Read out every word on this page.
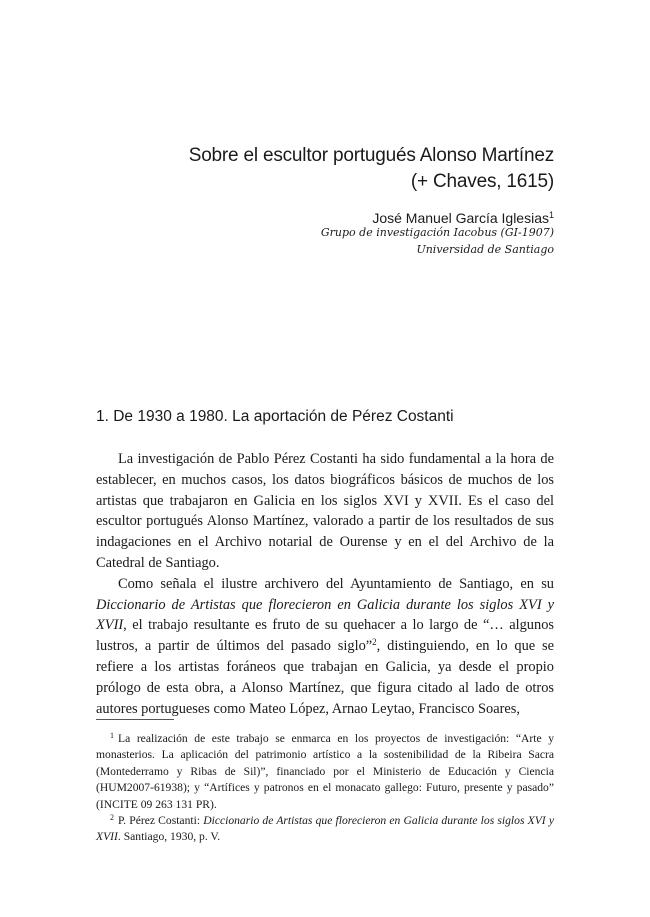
Sobre el escultor portugués Alonso Martínez
(+ Chaves, 1615)
José Manuel García Iglesias$^1$
Grupo de investigación Iacobus (GI-1907)
Universidad de Santiago
1. De 1930 a 1980. La aportación de Pérez Costanti

La investigación de Pablo Pérez Costanti ha sido fundamental a la hora de establecer, en muchos casos, los datos biográficos básicos de muchos de los artistas que trabajaron en Galicia en los siglos XVI y XVII. Es el caso del escultor portugués Alonso Martínez, valorado a partir de los resultados de sus indagaciones en el Archivo notarial de Ourense y en el del Archivo de la Catedral de Santiago.

Como señala el ilustre archivero del Ayuntamiento de Santiago, en su Diccionario de Artistas que florecieron en Galicia durante los siglos XVI y XVII, el trabajo resultante es fruto de su quehacer a lo largo de “… algunos lustros, a partir de últimos del pasado siglo”$^2$, distinguiendo, en lo que se refiere a los artistas foráneos que trabajan en Galicia, ya desde el propio prólogo de esta obra, a Alonso Martínez, que figura citado al lado de otros autores portugueses como Mateo López, Arnao Leytao, Francisco Soares,

$^1$ La realización de este trabajo se enmarca en los proyectos de investigación: “Arte y monasterios. La aplicación del patrimonio artístico a la sostenibilidad de la Ribeira Sacra (Montederramo y Ribas de Sil)”, financiado por el Ministerio de Educación y Ciencia (HUM2007-61938); y “Artífices y patronos en el monacato gallego: Futuro, presente y pasado” (INCITE 09 263 131 PR).

$^2$ P. Pérez Costanti: Diccionario de Artistas que florecieron en Galicia durante los siglos XVI y XVII. Santiago, 1930, p. V.
